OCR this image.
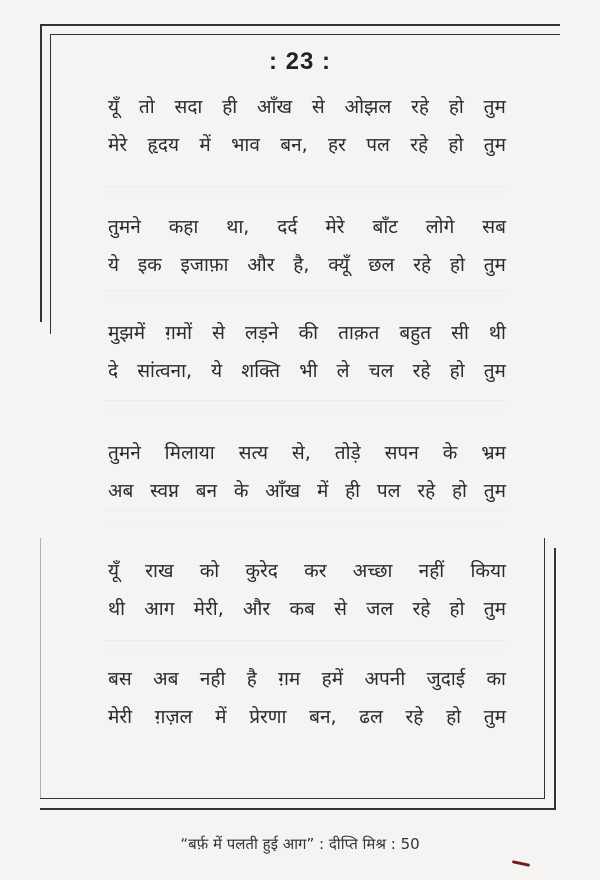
: 23 :
यूँ तो सदा ही आँख से ओझल रहे हो तुम
मेरे हृदय में भाव बन, हर पल रहे हो तुम
तुमने कहा था, दर्द मेरे बाँट लोगे सब
ये इक इजाफ़ा और है, क्यूँ छल रहे हो तुम
मुझमें ग़मों से लड़ने की ताक़त बहुत सी थी
दे सांत्वना, ये शक्ति भी ले चल रहे हो तुम
तुमने मिलाया सत्य से, तोड़े सपन के भ्रम
अब स्वप्न बन के आँख में ही पल रहे हो तुम
यूँ राख को कुरेद कर अच्छा नहीं किया
थी आग मेरी, और कब से जल रहे हो तुम
बस अब नही है ग़म हमें अपनी जुदाई का
मेरी ग़ज़ल में प्रेरणा बन, ढल रहे हो तुम
“बर्फ़ में पलती हुई आग” : दीप्ति मिश्र : 50
